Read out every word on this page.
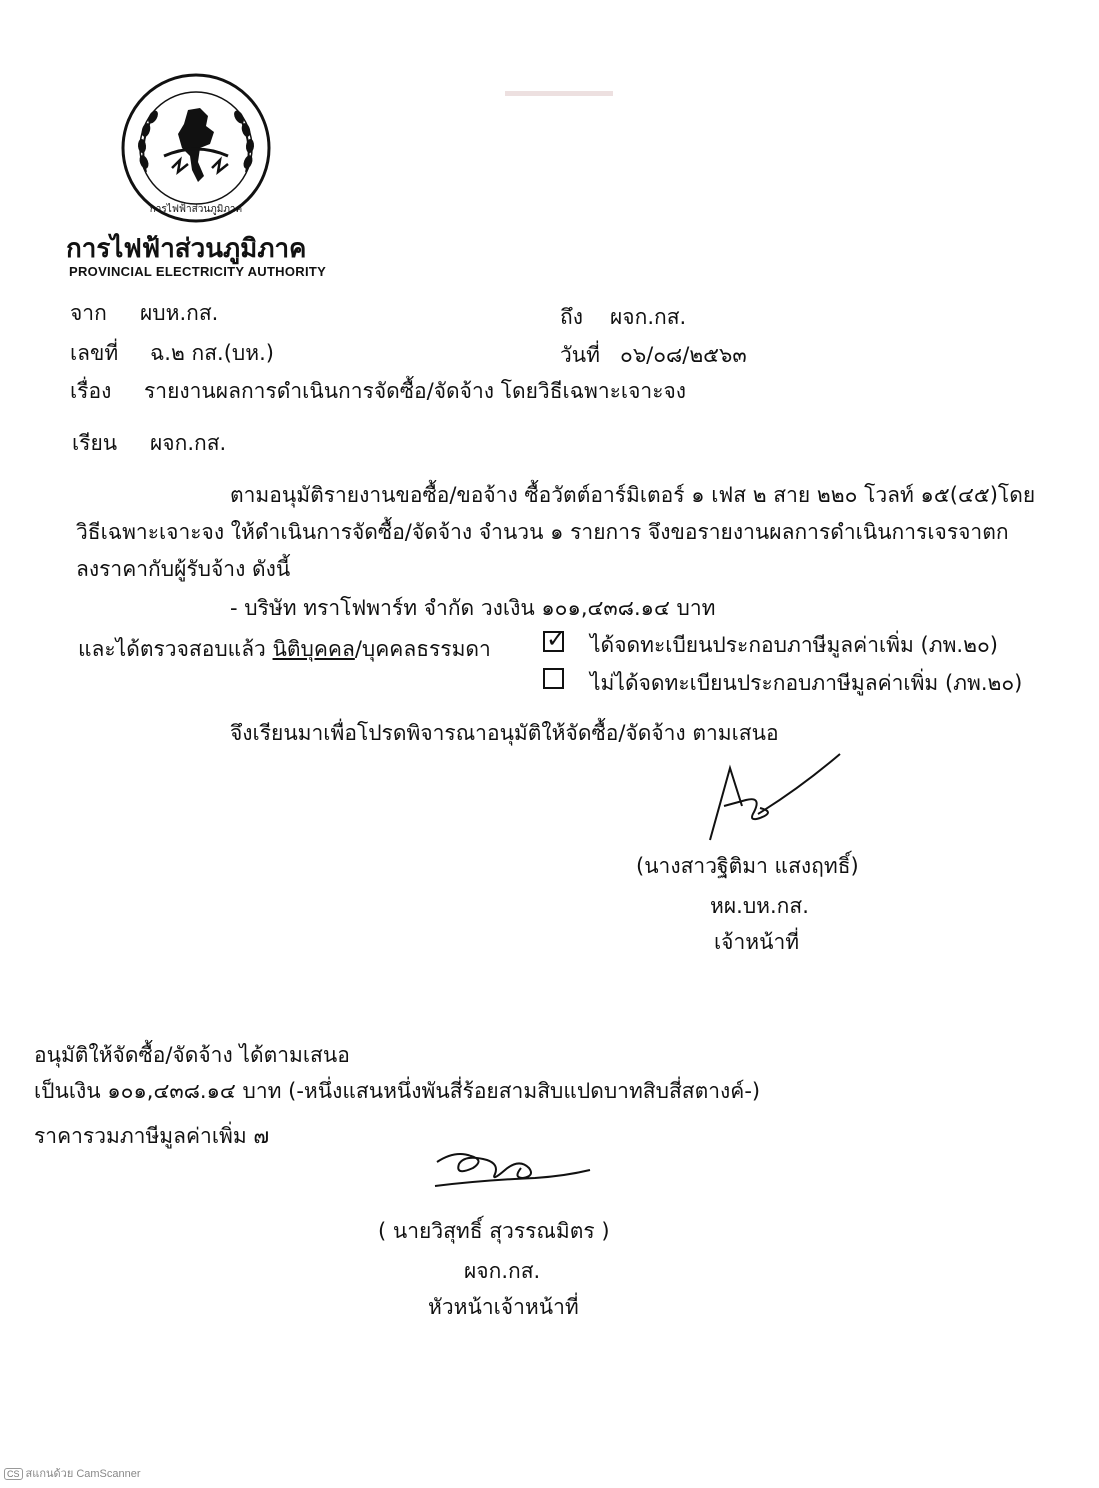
การไฟฟ้าส่วนภูมิภาค
การไฟฟ้าส่วนภูมิภาค
PROVINCIAL ELECTRICITY AUTHORITY
จาก ผบห.กส.	ถึง ผจก.กส.
เลขที่ ฉ.๒ กส.(บห.)	วันที่ ๐๖/๐๘/๒๕๖๓
เรื่อง รายงานผลการดำเนินการจัดซื้อ/จัดจ้าง โดยวิธีเฉพาะเจาะจง
เรียน ผจก.กส.
ตามอนุมัติรายงานขอซื้อ/ขอจ้าง ซื้อวัตต์อาร์มิเตอร์ ๑ เฟส ๒ สาย ๒๒๐ โวลท์ ๑๕(๔๕)โดย
วิธีเฉพาะเจาะจง ให้ดำเนินการจัดซื้อ/จัดจ้าง จำนวน ๑ รายการ จึงขอรายงานผลการดำเนินการเจรจาตก
ลงราคากับผู้รับจ้าง ดังนี้
- บริษัท ทราโฟพาร์ท จำกัด วงเงิน ๑๐๑,๔๓๘.๑๔ บาท
และได้ตรวจสอบแล้ว นิติบุคคล/บุคคลธรรมดา ✓ ได้จดทะเบียนประกอบภาษีมูลค่าเพิ่ม (ภพ.๒๐)
ไม่ได้จดทะเบียนประกอบภาษีมูลค่าเพิ่ม (ภพ.๒๐)
จึงเรียนมาเพื่อโปรดพิจารณาอนุมัติให้จัดซื้อ/จัดจ้าง ตามเสนอ
(นางสาวฐิติมา แสงฤทธิ์)
หผ.บห.กส.
เจ้าหน้าที่
อนุมัติให้จัดซื้อ/จัดจ้าง ได้ตามเสนอ
เป็นเงิน ๑๐๑,๔๓๘.๑๔ บาท (-หนึ่งแสนหนึ่งพันสี่ร้อยสามสิบแปดบาทสิบสี่สตางค์-)
ราคารวมภาษีมูลค่าเพิ่ม ๗
( นายวิสุทธิ์ สุวรรณมิตร )
ผจก.กส.
หัวหน้าเจ้าหน้าที่
CS สแกนด้วย CamScanner
